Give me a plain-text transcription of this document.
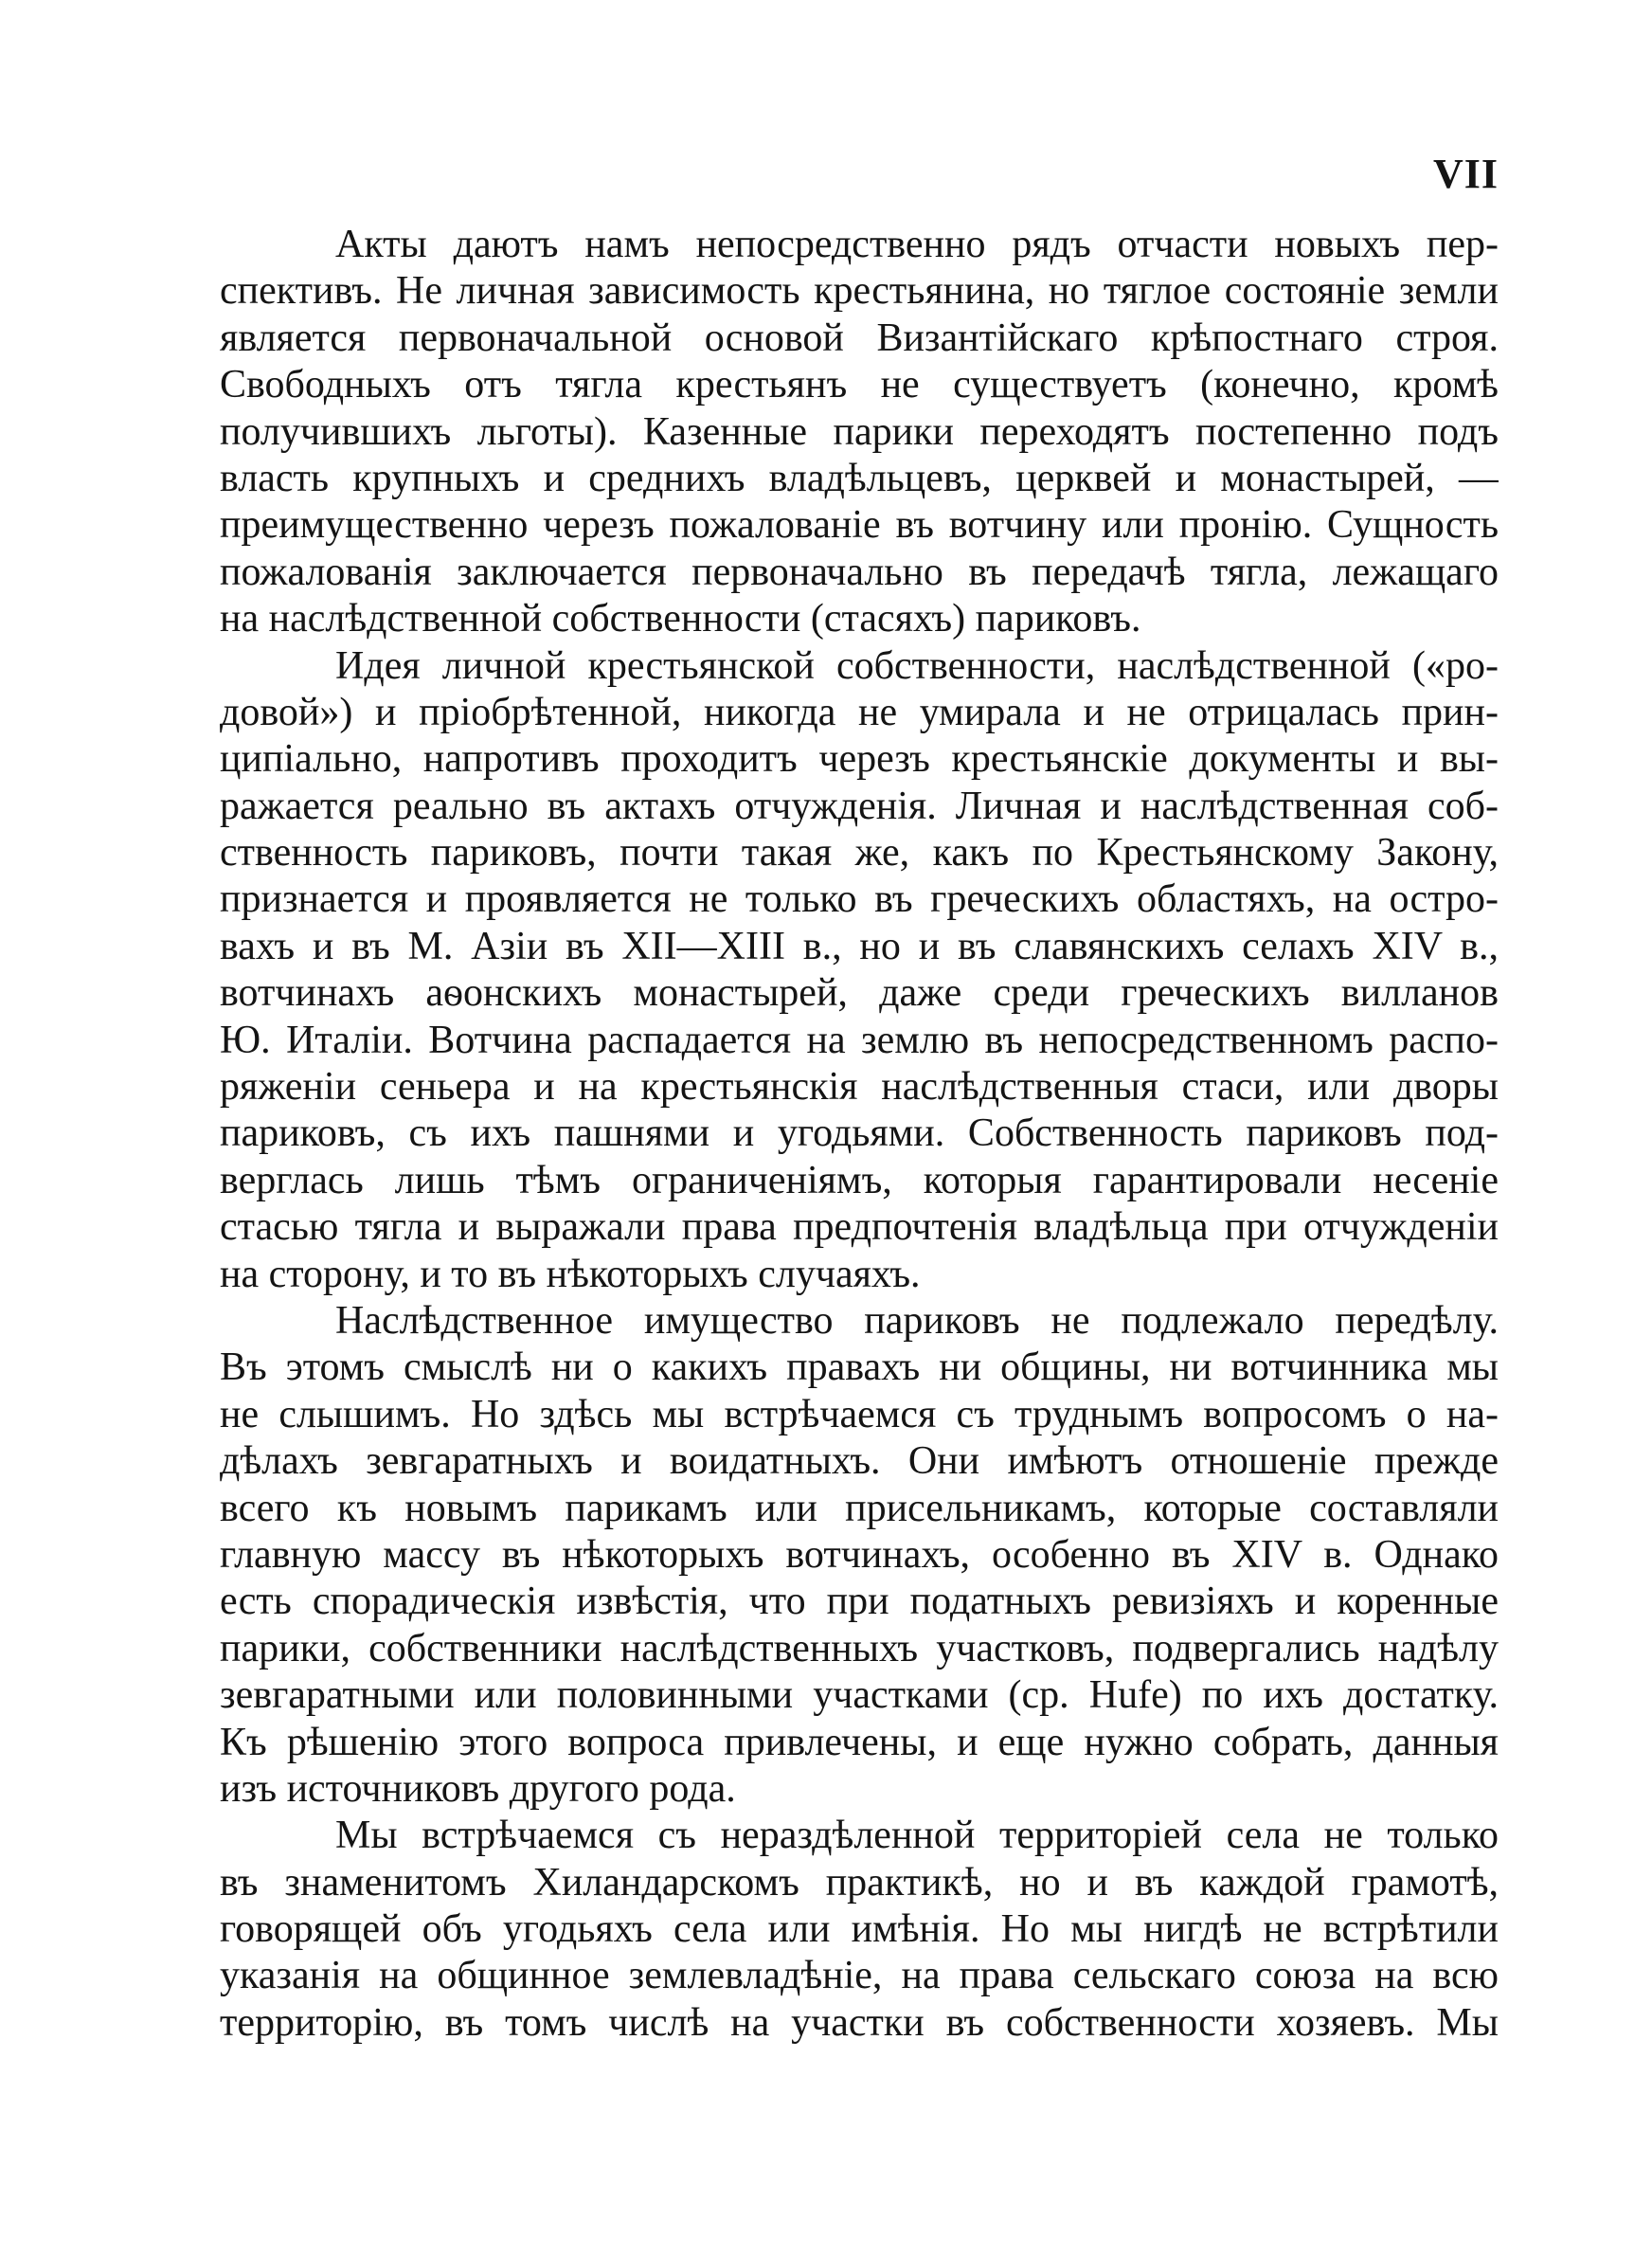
VII
Акты даютъ намъ непосредственно рядъ отчасти новыхъ пер-
спективъ. Не личная зависимость крестьянина, но тяглое состояніе земли
является первоначальной основой Византійскаго крѣпостнаго строя.
Свободныхъ отъ тягла крестьянъ не существуетъ (конечно, кромѣ
получившихъ льготы). Казенные парики переходятъ постепенно подъ
власть крупныхъ и среднихъ владѣльцевъ, церквей и монастырей, —
преимущественно черезъ пожалованіе въ вотчину или пронію. Сущность
пожалованія заключается первоначально въ передачѣ тягла, лежащаго
на наслѣдственной собственности (стасяхъ) париковъ.
Идея личной крестьянской собственности, наслѣдственной («ро-
довой») и пріобрѣтенной, никогда не умирала и не отрицалась прин-
ципіально, напротивъ проходитъ черезъ крестьянскіе документы и вы-
ражается реально въ актахъ отчужденія. Личная и наслѣдственная соб-
ственность париковъ, почти такая же, какъ по Крестьянскому Закону,
признается и проявляется не только въ греческихъ областяхъ, на остро-
вахъ и въ М. Азіи въ XII—XIII в., но и въ славянскихъ селахъ XIV в.,
вотчинахъ аѳонскихъ монастырей, даже среди греческихъ вилланов
Ю. Италіи. Вотчина распадается на землю въ непосредственномъ распо-
ряженіи сеньера и на крестьянскія наслѣдственныя стаси, или дворы
париковъ, съ ихъ пашнями и угодьями. Собственность париковъ под-
верглась лишь тѣмъ ограниченіямъ, которыя гарантировали несеніе
стасью тягла и выражали права предпочтенія владѣльца при отчужденіи
на сторону, и то въ нѣкоторыхъ случаяхъ.
Наслѣдственное имущество париковъ не подлежало передѣлу.
Въ этомъ смыслѣ ни о какихъ правахъ ни общины, ни вотчинника мы
не слышимъ. Но здѣсь мы встрѣчаемся съ труднымъ вопросомъ о на-
дѣлахъ зевгаратныхъ и воидатныхъ. Они имѣютъ отношеніе прежде
всего къ новымъ парикамъ или присельникамъ, которые составляли
главную массу въ нѣкоторыхъ вотчинахъ, особенно въ XIV в. Однако
есть спорадическія извѣстія, что при податныхъ ревизіяхъ и коренные
парики, собственники наслѣдственныхъ участковъ, подвергались надѣлу
зевгаратными или половинными участками (ср. Hufe) по ихъ достатку.
Къ рѣшенію этого вопроса привлечены, и еще нужно собрать, данныя
изъ источниковъ другого рода.
Мы встрѣчаемся съ нераздѣленной территоріей села не только
въ знаменитомъ Хиландарскомъ практикѣ, но и въ каждой грамотѣ,
говорящей объ угодьяхъ села или имѣнія. Но мы нигдѣ не встрѣтили
указанія на общинное землевладѣніе, на права сельскаго союза на всю
территорію, въ томъ числѣ на участки въ собственности хозяевъ. Мы
